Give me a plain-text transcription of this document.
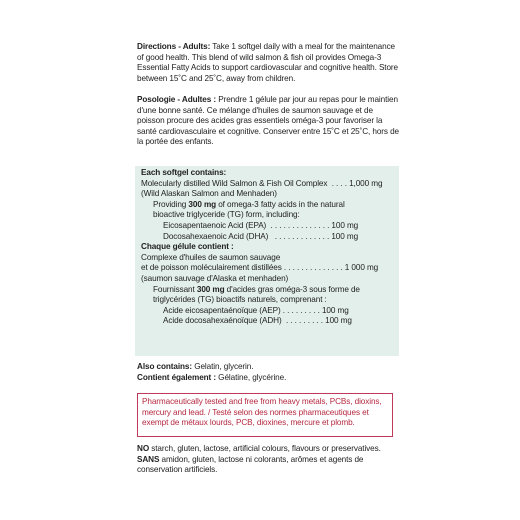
Directions - Adults: Take 1 softgel daily with a meal for the maintenance of good health. This blend of wild salmon & fish oil provides Omega-3 Essential Fatty Acids to support cardiovascular and cognitive health. Store between 15˚C and 25˚C, away from children.

Posologie - Adultes : Prendre 1 gélule par jour au repas pour le maintien d'une bonne santé. Ce mélange d'huiles de saumon sauvage et de poisson procure des acides gras essentiels oméga-3 pour favoriser la santé cardiovasculaire et cognitive. Conserver entre 15˚C et 25˚C, hors de la portée des enfants.

Each softgel contains:
Molecularly distilled Wild Salmon & Fish Oil Complex  . . . . 1,000 mg
(Wild Alaskan Salmon and Menhaden)
Providing 300 mg of omega-3 fatty acids in the natural
bioactive triglyceride (TG) form, including:
Eicosapentaenoic Acid (EPA)  . . . . . . . . . . . . . . 100 mg
Docosahexaenoic Acid (DHA)   . . . . . . . . . . . . . 100 mg
Chaque gélule contient :
Complexe d'huiles de saumon sauvage
et de poisson moléculairement distillées . . . . . . . . . . . . . . 1 000 mg
(saumon sauvage d'Alaska et menhaden)
Fournissant 300 mg d'acides gras oméga-3 sous forme de
triglycérides (TG) bioactifs naturels, comprenant :
Acide eicosapentaénoïque (AEP) . . . . . . . . . 100 mg
Acide docosahexaénoïque (ADH)  . . . . . . . . . 100 mg
Also contains: Gelatin, glycerin.
Contient également : Gélatine, glycérine.
Pharmaceutically tested and free from heavy metals, PCBs, dioxins, mercury and lead. / Testé selon des normes pharmaceutiques et exempt de métaux lourds, PCB, dioxines, mercure et plomb.
NO starch, gluten, lactose, artificial colours, flavours or preservatives.
SANS amidon, gluten, lactose ni colorants, arômes et agents de conservation artificiels.
